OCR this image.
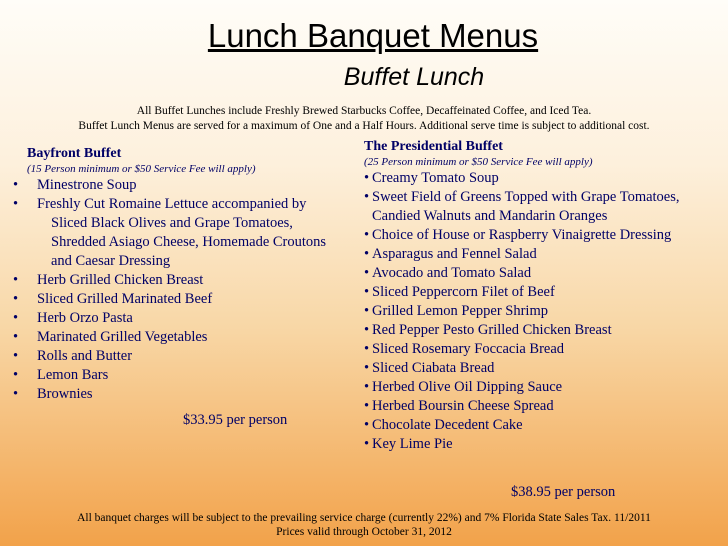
Lunch Banquet Menus
Buffet Lunch
All Buffet Lunches include Freshly Brewed Starbucks Coffee, Decaffeinated Coffee, and Iced Tea.
Buffet Lunch Menus are served for a maximum of One and a Half Hours. Additional serve time is subject to additional cost.
Bayfront Buffet
(15 Person minimum or $50 Service Fee will apply)
• Minestrone Soup
• Freshly Cut Romaine Lettuce accompanied by Sliced Black Olives and Grape Tomatoes, Shredded Asiago Cheese, Homemade Croutons and Caesar Dressing
• Herb Grilled Chicken Breast
• Sliced Grilled Marinated Beef
• Herb Orzo Pasta
• Marinated Grilled Vegetables
• Rolls and Butter
• Lemon Bars
• Brownies
$33.95 per person
The Presidential Buffet
(25 Person minimum or $50 Service Fee will apply)
• Creamy Tomato Soup
• Sweet Field of Greens Topped with Grape Tomatoes, Candied Walnuts and Mandarin Oranges
• Choice of House or Raspberry Vinaigrette Dressing
• Asparagus and Fennel Salad
• Avocado and Tomato Salad
• Sliced Peppercorn Filet of Beef
• Grilled Lemon Pepper Shrimp
• Red Pepper Pesto Grilled Chicken Breast
• Sliced Rosemary Foccacia Bread
• Sliced Ciabata Bread
• Herbed Olive Oil Dipping Sauce
• Herbed Boursin Cheese Spread
• Chocolate Decedent Cake
• Key Lime Pie
$38.95 per person
All banquet charges will be subject to the prevailing service charge (currently 22%) and 7% Florida State Sales Tax. 11/2011
Prices valid through October 31, 2012
